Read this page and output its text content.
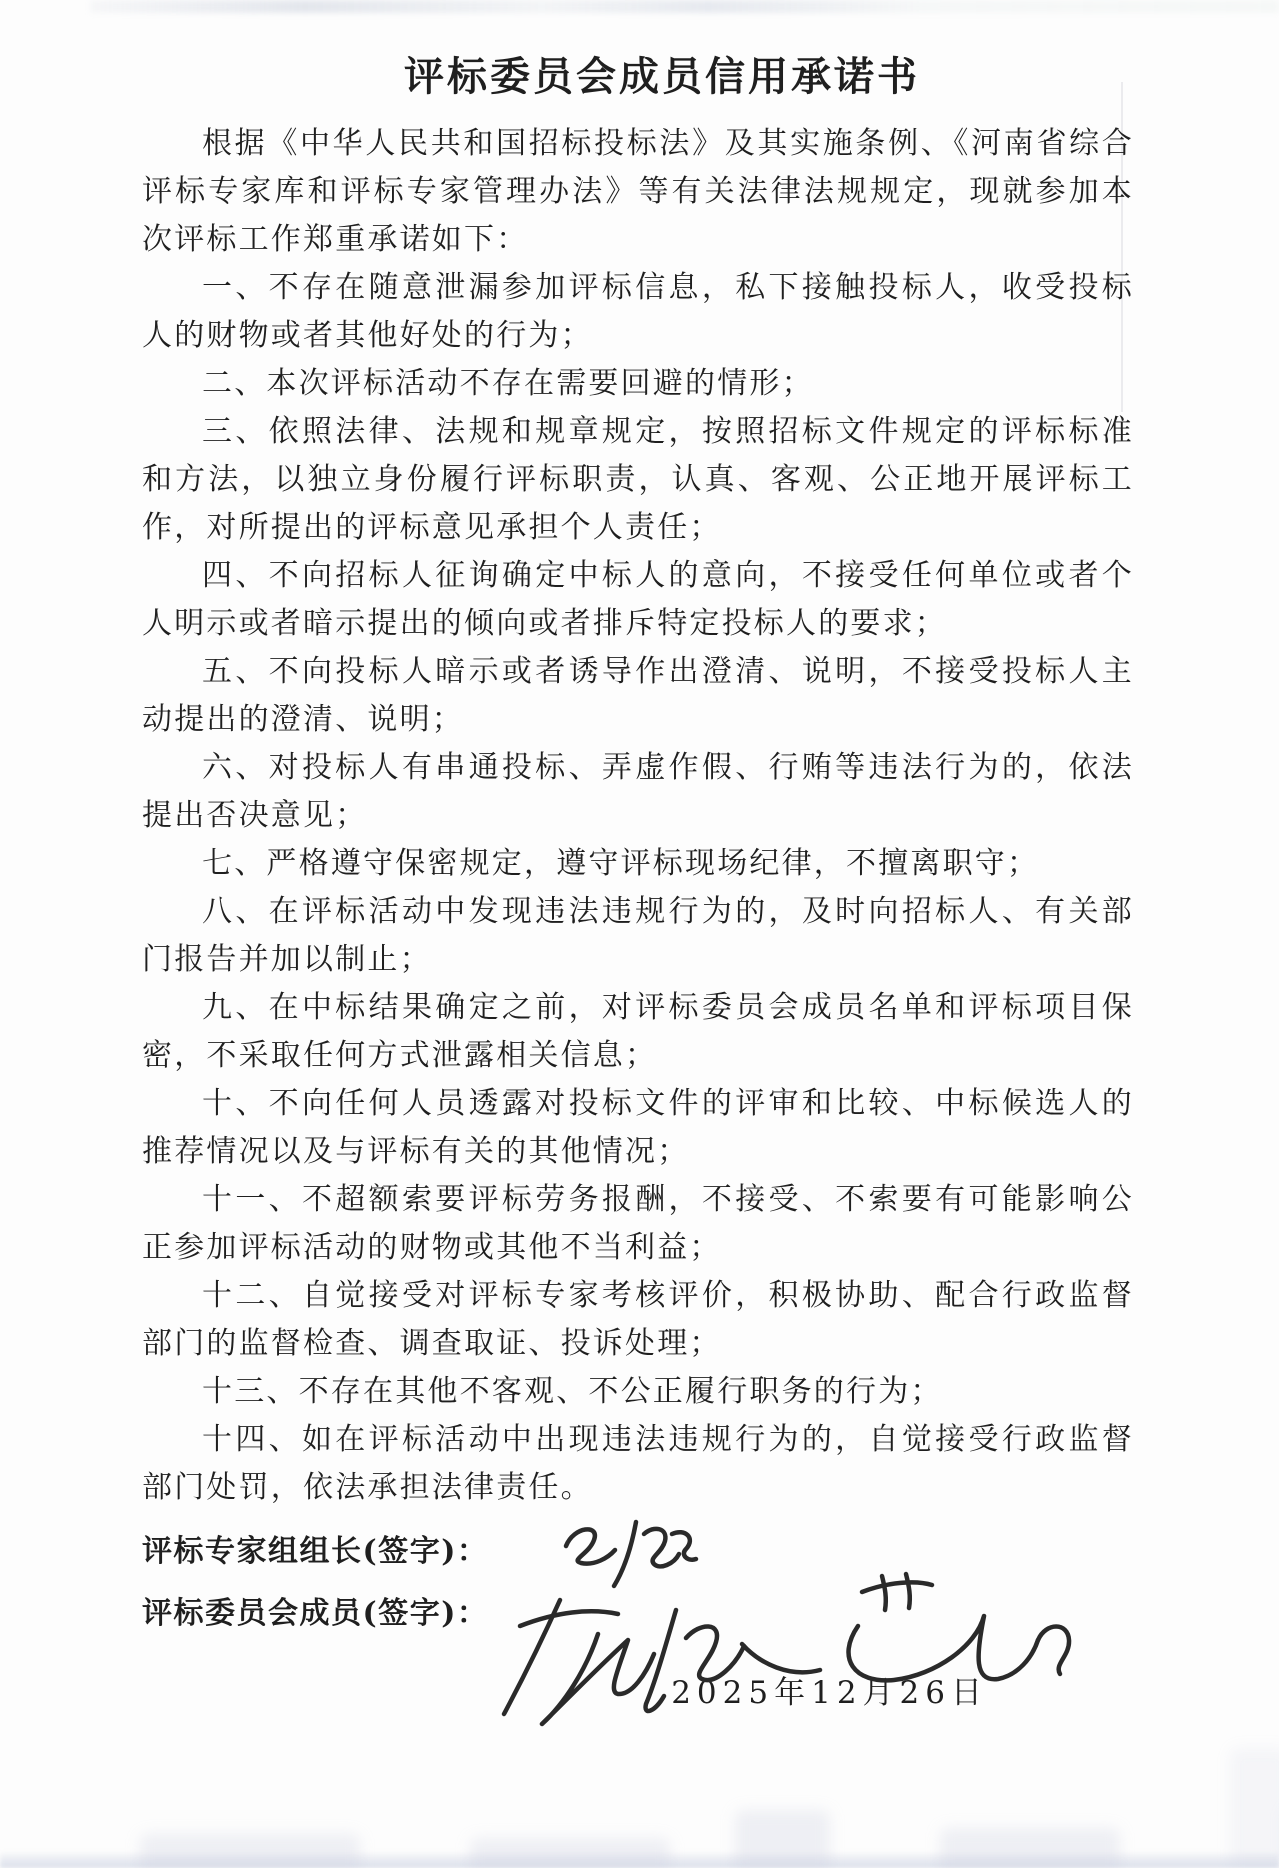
评标委员会成员信用承诺书

根据《中华人民共和国招标投标法》及其实施条例、《河南省综合评标专家库和评标专家管理办法》等有关法律法规规定，现就参加本次评标工作郑重承诺如下：

一、不存在随意泄漏参加评标信息，私下接触投标人，收受投标人的财物或者其他好处的行为；

二、本次评标活动不存在需要回避的情形；

三、依照法律、法规和规章规定，按照招标文件规定的评标标准和方法，以独立身份履行评标职责，认真、客观、公正地开展评标工作，对所提出的评标意见承担个人责任；

四、不向招标人征询确定中标人的意向，不接受任何单位或者个人明示或者暗示提出的倾向或者排斥特定投标人的要求；

五、不向投标人暗示或者诱导作出澄清、说明，不接受投标人主动提出的澄清、说明；

六、对投标人有串通投标、弄虚作假、行贿等违法行为的，依法提出否决意见；

七、严格遵守保密规定，遵守评标现场纪律，不擅离职守；

八、在评标活动中发现违法违规行为的，及时向招标人、有关部门报告并加以制止；

九、在中标结果确定之前，对评标委员会成员名单和评标项目保密，不采取任何方式泄露相关信息；

十、不向任何人员透露对投标文件的评审和比较、中标候选人的推荐情况以及与评标有关的其他情况；

十一、不超额索要评标劳务报酬，不接受、不索要有可能影响公正参加评标活动的财物或其他不当利益；

十二、自觉接受对评标专家考核评价，积极协助、配合行政监督部门的监督检查、调查取证、投诉处理；

十三、不存在其他不客观、不公正履行职务的行为；

十四、如在评标活动中出现违法违规行为的，自觉接受行政监督部门处罚，依法承担法律责任。

评标专家组组长(签字)：
评标委员会成员(签字)：
2025年12月26日
